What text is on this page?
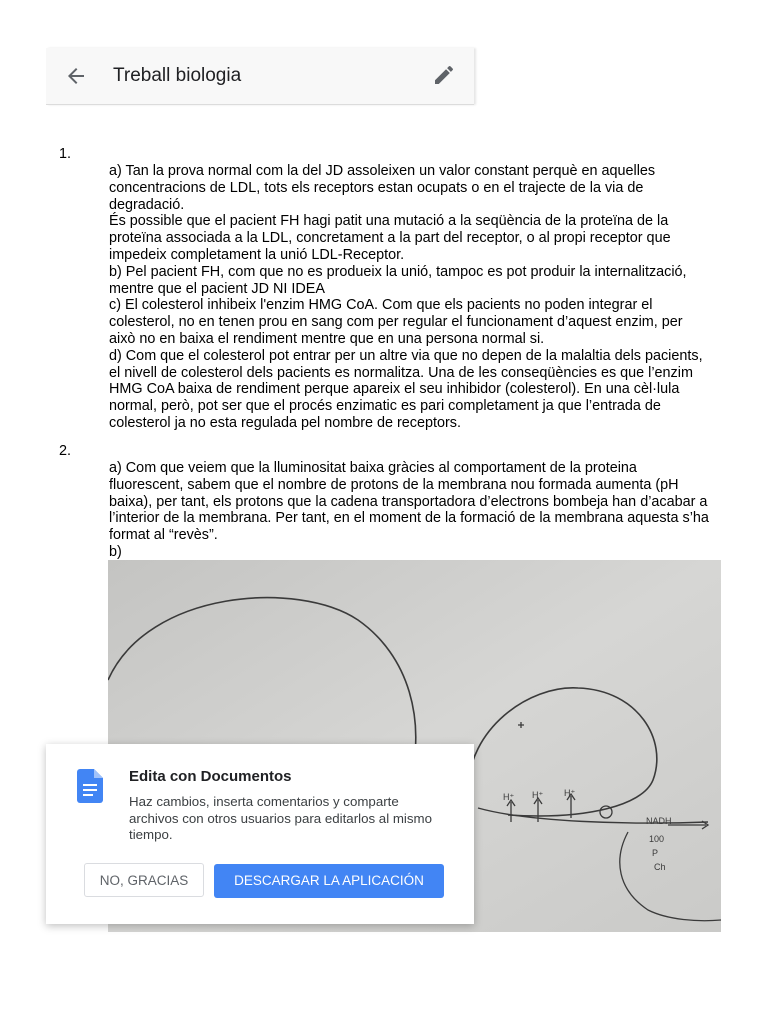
Treball biologia
1.

a) Tan la prova normal com la del JD assoleixen un valor constant perquè en aquelles concentracions de LDL, tots els receptors estan ocupats o en el trajecte de la via de degradació.

És possible que el pacient FH hagi patit una mutació a la seqüència de la proteïna de la proteïna associada a la LDL, concretament a la part del receptor, o al propi receptor que impedeix completament la unió LDL-Receptor.

b) Pel pacient FH, com que no es produeix la unió, tampoc es pot produir la internalització, mentre que el pacient JD NI IDEA

c) El colesterol inhibeix l'enzim HMG CoA. Com que els pacients no poden integrar el colesterol, no en tenen prou en sang com per regular el funcionament d’aquest enzim, per això no en baixa el rendiment mentre que en una persona normal si.

d) Com que el colesterol pot entrar per un altre via que no depen de la malaltia dels pacients, el nivell de colesterol dels pacients es normalitza. Una de les conseqüències es que l’enzim HMG CoA baixa de rendiment perque apareix el seu inhibidor (colesterol). En una cèl·lula normal, però, pot ser que el procés enzimatic es pari completament ja que l’entrada de colesterol ja no esta regulada pel nombre de receptors.

2.

a) Com que veiem que la lluminositat baixa gràcies al comportament de la proteina fluorescent, sabem que el nombre de protons de la membrana nou formada aumenta (pH baixa), per tant, els protons que la cadena transportadora d’electrons bombeja han d’acabar a l’interior de la membrana. Per tant, en el moment de la formació de la membrana aquesta s’ha format al “revès”.

b)

H⁺ H⁺ H⁺
NADH
100
P
Ch
Edita con Documentos
Haz cambios, inserta comentarios y comparte archivos con otros usuarios para editarlos al mismo tiempo.
NO, GRACIAS	DESCARGAR LA APLICACIÓN
